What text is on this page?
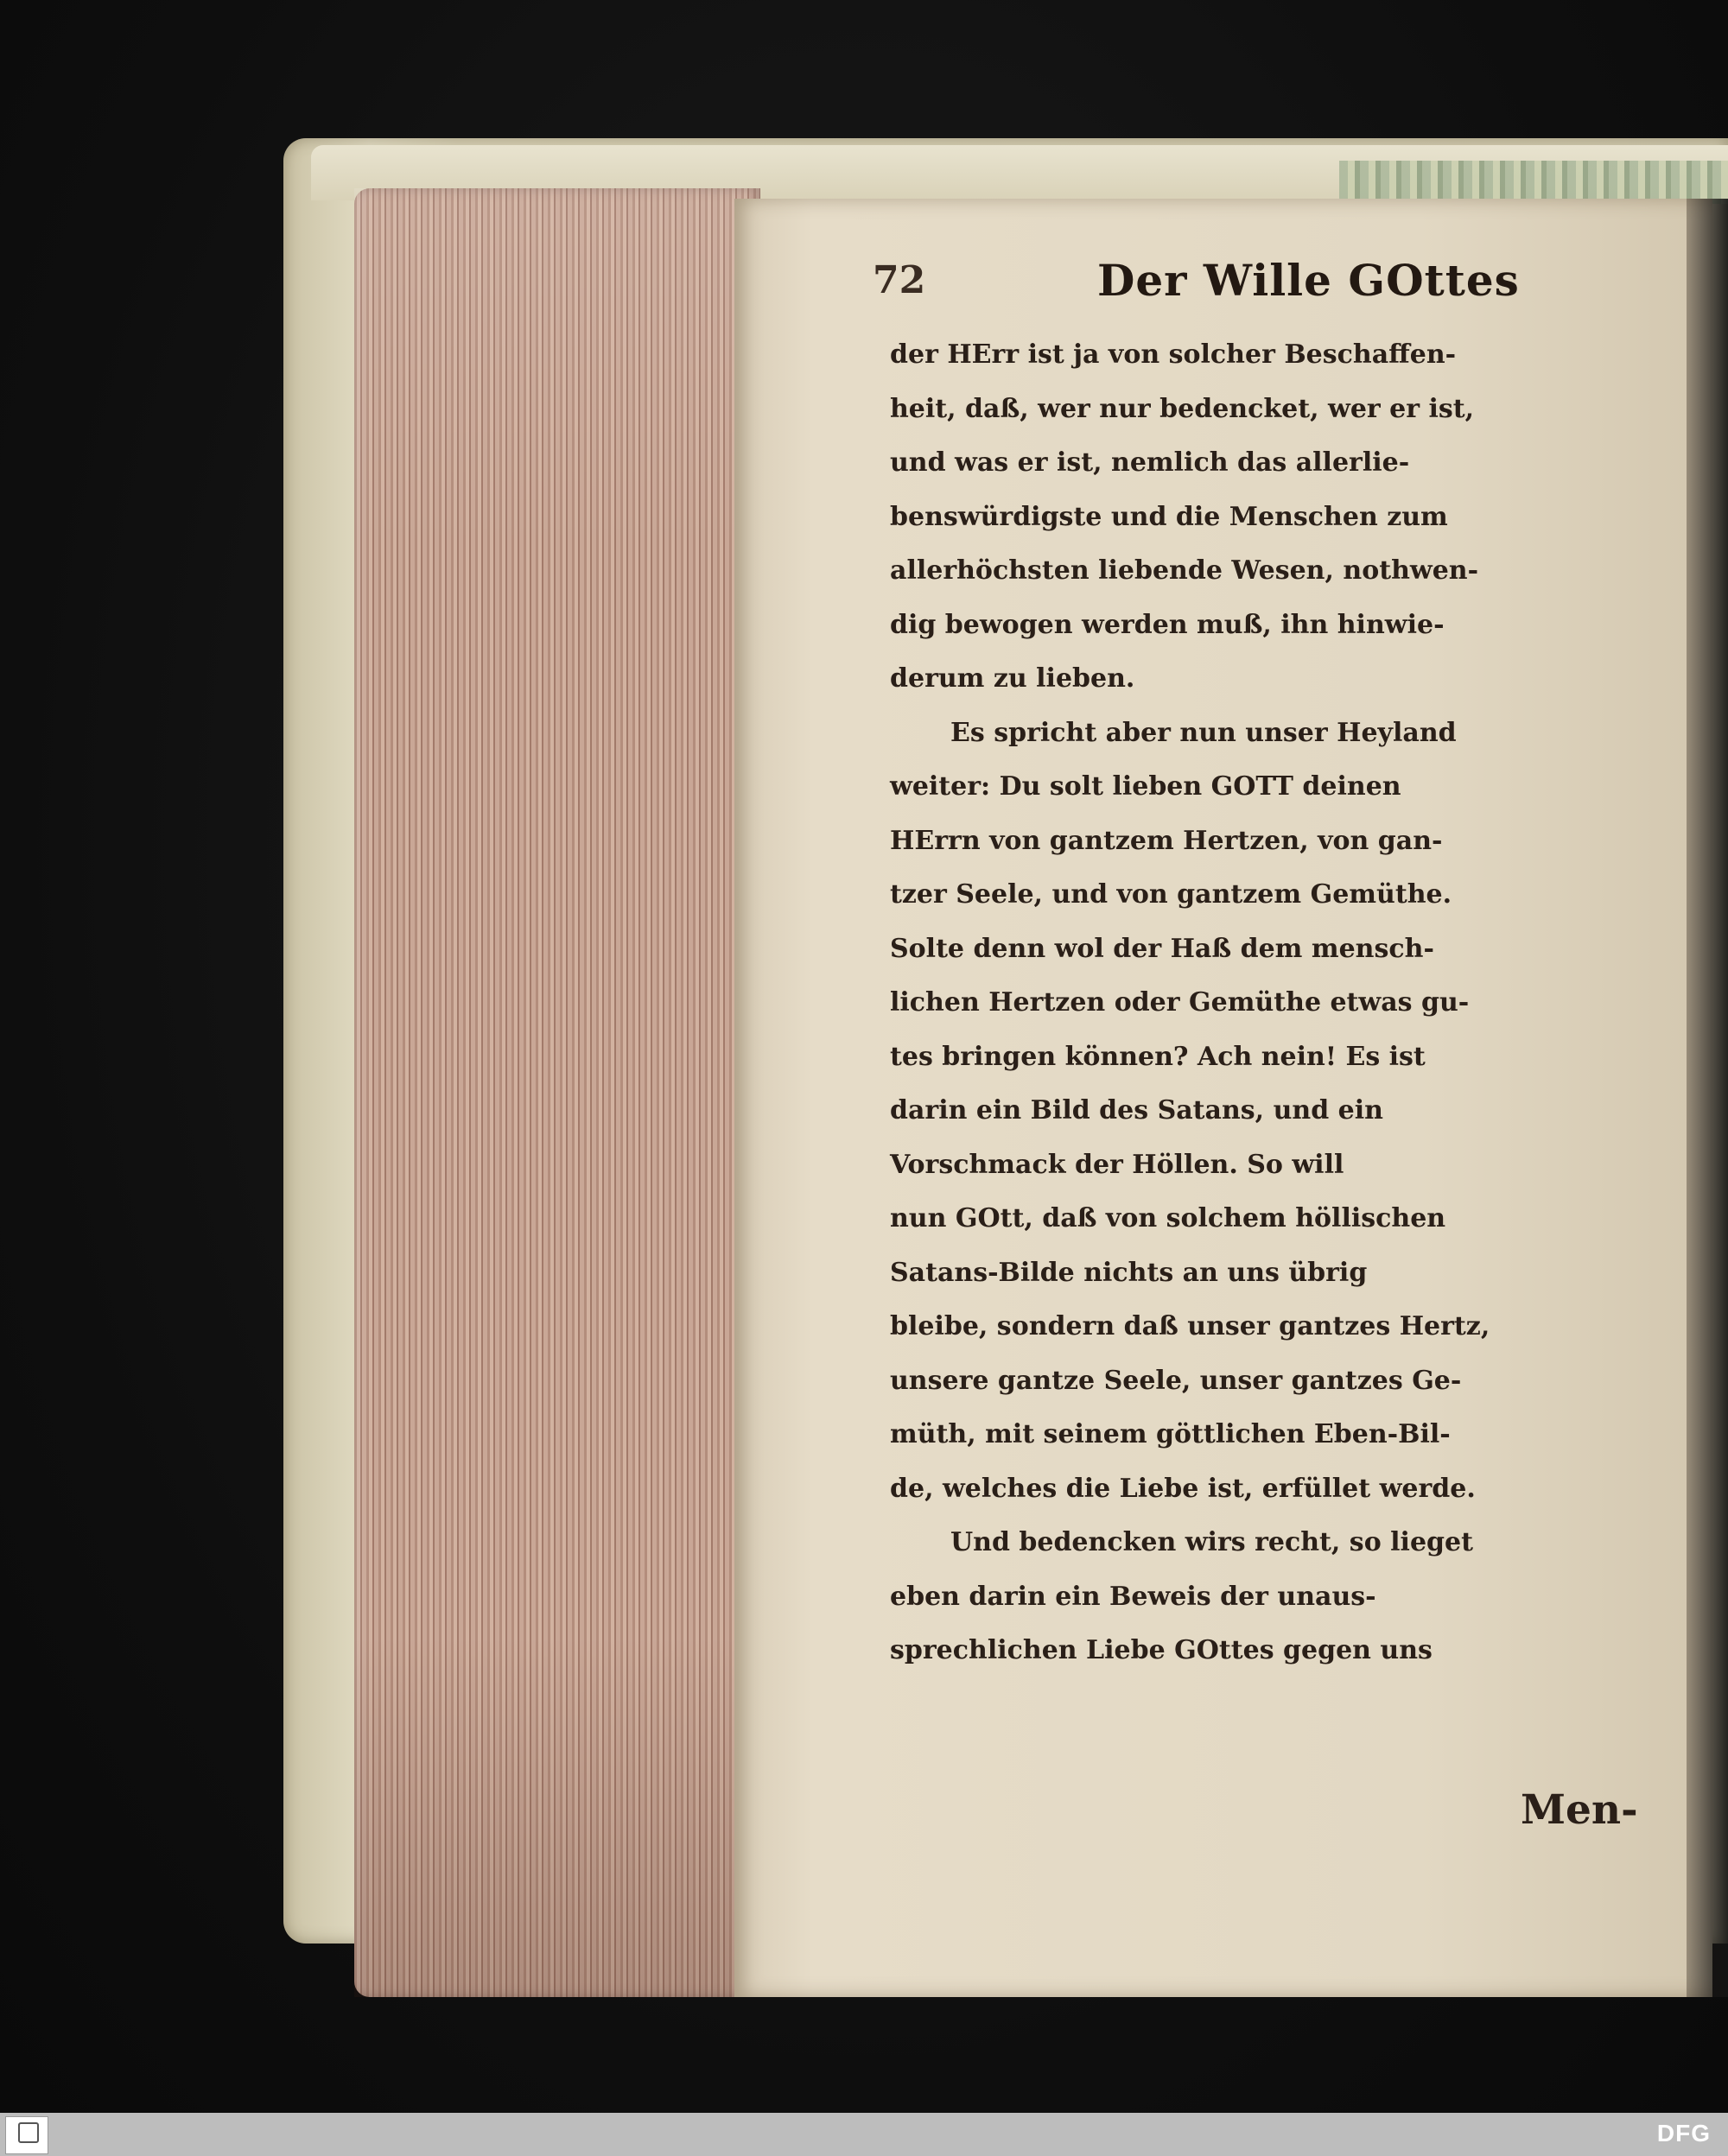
72	Der Wille GOttes
der HErr ist ja von solcher Beschaffen-
heit, daß, wer nur bedencket, wer er ist,
und was er ist, nemlich das allerlie-
benswürdigste und die Menschen zum
allerhöchsten liebende Wesen, nothwen-
dig bewogen werden muß, ihn hinwie-
derum zu lieben.
Es spricht aber nun unser Heyland
weiter: Du solt lieben GOTT deinen
HErrn von gantzem Hertzen, von gan-
tzer Seele, und von gantzem Gemüthe.
Solte denn wol der Haß dem mensch-
lichen Hertzen oder Gemüthe etwas gu-
tes bringen können? Ach nein! Es ist
darin ein Bild des Satans, und ein
Vorschmack der Höllen. So will
nun GOtt, daß von solchem höllischen
Satans-Bilde nichts an uns übrig
bleibe, sondern daß unser gantzes Hertz,
unsere gantze Seele, unser gantzes Ge-
müth, mit seinem göttlichen Eben-Bil-
de, welches die Liebe ist, erfüllet werde.
Und bedencken wirs recht, so lieget
eben darin ein Beweis der unaus-
sprechlichen Liebe GOttes gegen uns
Men-
DFG
